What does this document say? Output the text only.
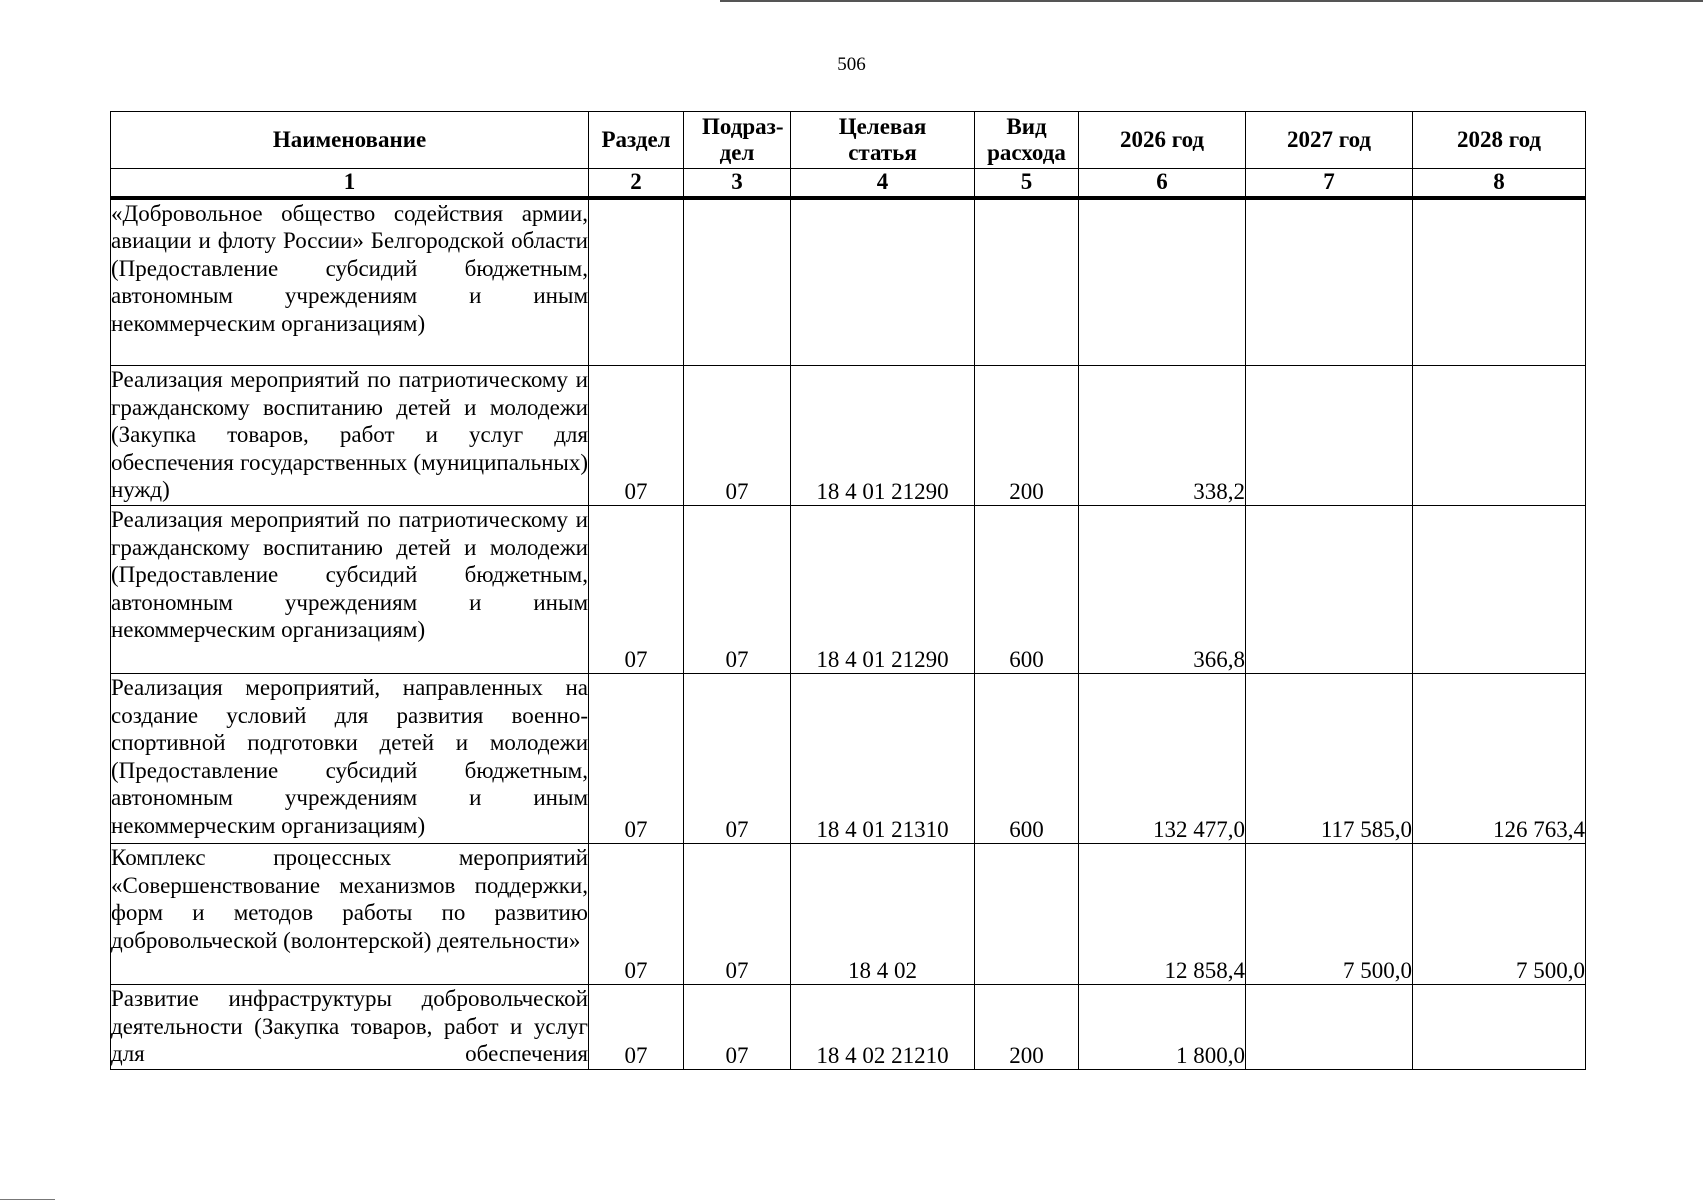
506
Наименование	Раздел	Подраз-дел	Целевая статья	Вид расхода	2026 год	2027 год	2028 год
1	2	3	4	5	6	7	8
«Добровольное общество содействия армии, авиации и флоту России» Белгородской области (Предоставление субсидий бюджетным, автономным учреждениям и иным некоммерческим организациям)							
Реализация мероприятий по патриотическому и гражданскому воспитанию детей и молодежи (Закупка товаров, работ и услуг для обеспечения государственных (муниципальных) нужд)	07	07	18 4 01 21290	200	338,2		
Реализация мероприятий по патриотическому и гражданскому воспитанию детей и молодежи (Предоставление субсидий бюджетным, автономным учреждениям и иным некоммерческим организациям)	07	07	18 4 01 21290	600	366,8		
Реализация мероприятий, направленных на создание условий для развития военно-спортивной подготовки детей и молодежи (Предоставление субсидий бюджетным, автономным учреждениям и иным некоммерческим организациям)	07	07	18 4 01 21310	600	132 477,0	117 585,0	126 763,4
Комплекс процессных мероприятий «Совершенствование механизмов поддержки, форм и методов работы по развитию добровольческой (волонтерской) деятельности»	07	07	18 4 02		12 858,4	7 500,0	7 500,0
Развитие инфраструктуры добровольческой деятельности (Закупка товаров, работ и услуг для обеспечения	07	07	18 4 02 21210	200	1 800,0		
